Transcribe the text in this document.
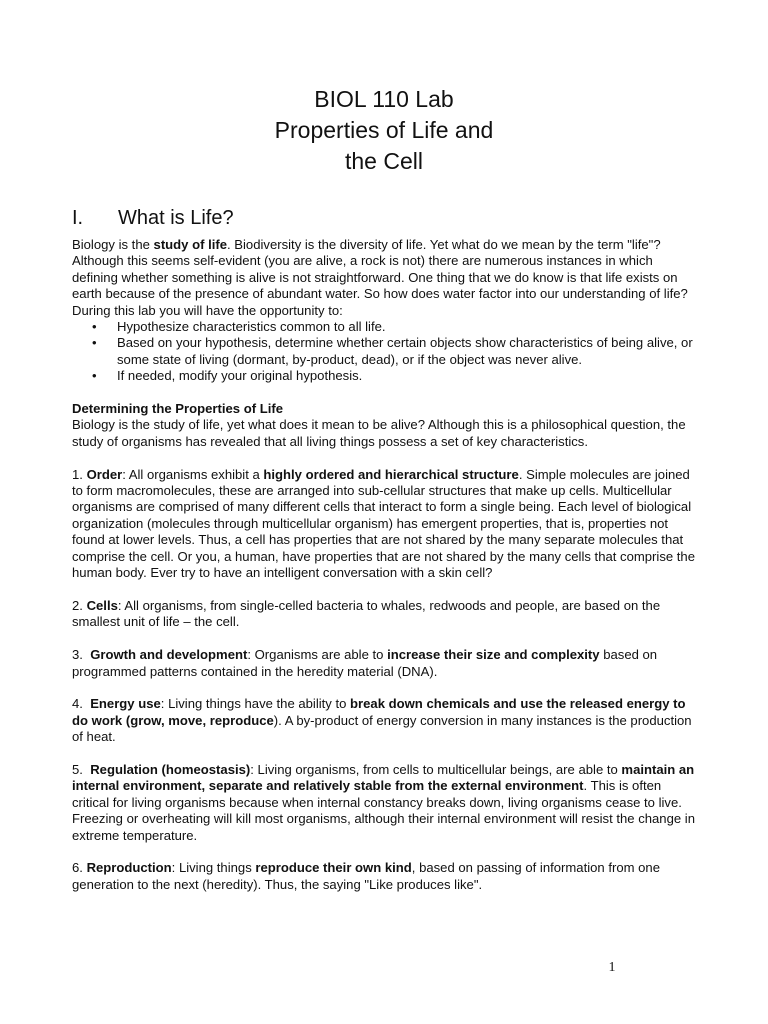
BIOL 110 Lab

Properties of Life and

the Cell

I. What is Life?

Biology is the study of life. Biodiversity is the diversity of life. Yet what do we mean by the term "life"? Although this seems self-evident (you are alive, a rock is not) there are numerous instances in which defining whether something is alive is not straightforward. One thing that we do know is that life exists on earth because of the presence of abundant water. So how does water factor into our understanding of life? During this lab you will have the opportunity to:

• Hypothesize characteristics common to all life.
• Based on your hypothesis, determine whether certain objects show characteristics of being alive, or some state of living (dormant, by-product, dead), or if the object was never alive.
• If needed, modify your original hypothesis.

Determining the Properties of Life

Biology is the study of life, yet what does it mean to be alive? Although this is a philosophical question, the study of organisms has revealed that all living things possess a set of key characteristics.

1. Order: All organisms exhibit a highly ordered and hierarchical structure. Simple molecules are joined to form macromolecules, these are arranged into sub-cellular structures that make up cells. Multicellular organisms are comprised of many different cells that interact to form a single being. Each level of biological organization (molecules through multicellular organism) has emergent properties, that is, properties not found at lower levels. Thus, a cell has properties that are not shared by the many separate molecules that comprise the cell. Or you, a human, have properties that are not shared by the many cells that comprise the human body. Ever try to have an intelligent conversation with a skin cell?

2. Cells: All organisms, from single-celled bacteria to whales, redwoods and people, are based on the smallest unit of life – the cell.

3.  Growth and development: Organisms are able to increase their size and complexity based on programmed patterns contained in the heredity material (DNA).

4.  Energy use: Living things have the ability to break down chemicals and use the released energy to do work (grow, move, reproduce). A by-product of energy conversion in many instances is the production of heat.

5.  Regulation (homeostasis): Living organisms, from cells to multicellular beings, are able to maintain an internal environment, separate and relatively stable from the external environment. This is often critical for living organisms because when internal constancy breaks down, living organisms cease to live. Freezing or overheating will kill most organisms, although their internal environment will resist the change in extreme temperature.

6. Reproduction: Living things reproduce their own kind, based on passing of information from one generation to the next (heredity). Thus, the saying "Like produces like".

1
